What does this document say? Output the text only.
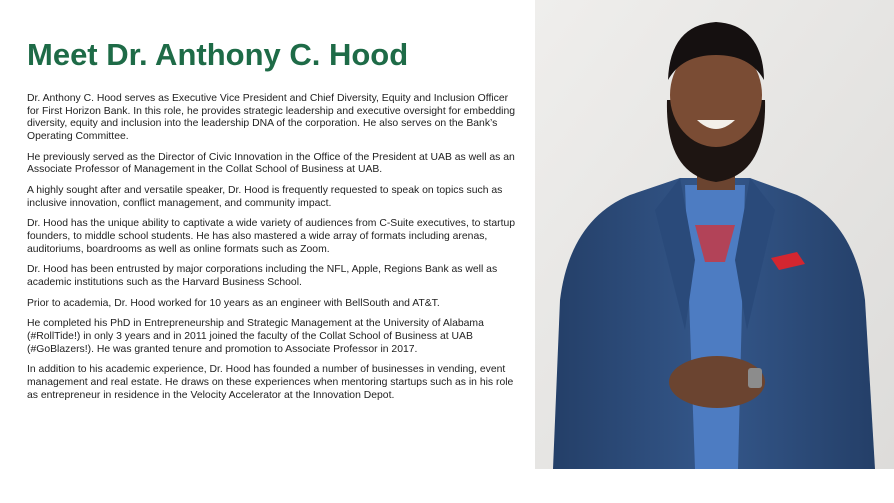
Meet Dr. Anthony C. Hood

Dr. Anthony C. Hood serves as Executive Vice President and Chief Diversity, Equity and Inclusion Officer for First Horizon Bank. In this role, he provides strategic leadership and executive oversight for embedding diversity, equity and inclusion into the leadership DNA of the corporation. He also serves on the Bank’s Operating Committee.

He previously served as the Director of Civic Innovation in the Office of the President at UAB as well as an Associate Professor of Management in the Collat School of Business at UAB.

A highly sought after and versatile speaker, Dr. Hood is frequently requested to speak on topics such as inclusive innovation, conflict management, and community impact.

Dr. Hood has the unique ability to captivate a wide variety of audiences from C-Suite executives, to startup founders, to middle school students. He has also mastered a wide array of formats including arenas, auditoriums, boardrooms as well as online formats such as Zoom.

Dr. Hood has been entrusted by major corporations including the NFL, Apple, Regions Bank as well as academic institutions such as the Harvard Business School.

Prior to academia, Dr. Hood worked for 10 years as an engineer with BellSouth and AT&T.

He completed his PhD in Entrepreneurship and Strategic Management at the University of Alabama (#RollTide!) in only 3 years and in 2011 joined the faculty of the Collat School of Business at UAB (#GoBlazers!). He was granted tenure and promotion to Associate Professor in 2017.

In addition to his academic experience, Dr. Hood has founded a number of businesses in vending, event management and real estate. He draws on these experiences when mentoring startups such as in his role as entrepreneur in residence in the Velocity Accelerator at the Innovation Depot.
